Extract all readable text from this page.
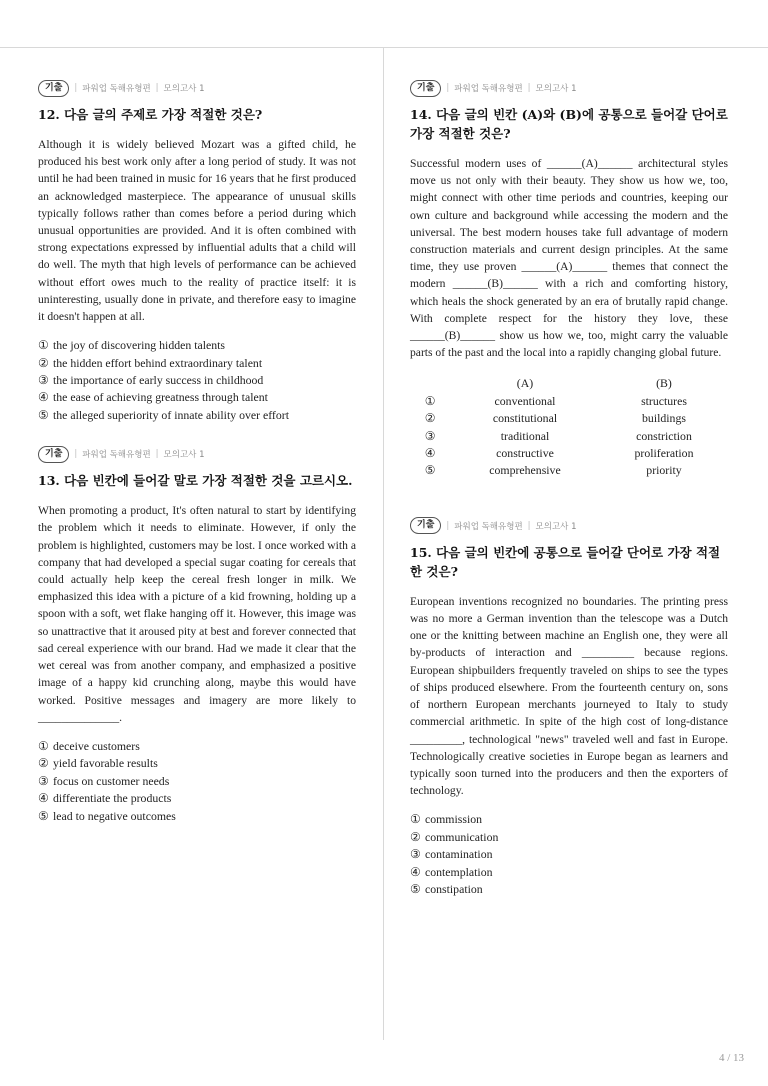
기출	| 파워업 독해유형편 | 모의고사 1
12. 다음 글의 주제로 가장 적절한 것은?

Although it is widely believed Mozart was a gifted child, he produced his best work only after a long period of study. It was not until he had been trained in music for 16 years that he first produced an acknowledged masterpiece. The appearance of unusual skills typically follows rather than comes before a period during which unusual opportunities are provided. And it is often combined with strong expectations expressed by influential adults that a child will do well. The myth that high levels of performance can be achieved without effort owes much to the reality of practice itself: it is uninteresting, usually done in private, and therefore easy to imagine it doesn't happen at all.

① the joy of discovering hidden talents
② the hidden effort behind extraordinary talent
③ the importance of early success in childhood
④ the ease of achieving greatness through talent
⑤ the alleged superiority of innate ability over effort
기출	| 파워업 독해유형편 | 모의고사 1
13. 다음 빈칸에 들어갈 말로 가장 적절한 것을 고르시오.

When promoting a product, It's often natural to start by identifying the problem which it needs to eliminate. However, if only the problem is highlighted, customers may be lost. I once worked with a company that had developed a special sugar coating for cereals that could actually help keep the cereal fresh longer in milk. We emphasized this idea with a picture of a kid frowning, holding up a spoon with a soft, wet flake hanging off it. However, this image was so unattractive that it aroused pity at best and forever connected that sad cereal experience with our brand. Had we made it clear that the wet cereal was from another company, and emphasized a positive image of a happy kid crunching along, maybe this would have worked. Positive messages and imagery are more likely to ______________.

① deceive customers
② yield favorable results
③ focus on customer needs
④ differentiate the products
⑤ lead to negative outcomes
기출	| 파워업 독해유형편 | 모의고사 1
14. 다음 글의 빈칸 (A)와 (B)에 공통으로 들어갈 단어로 가장 적절한 것은?

Successful modern uses of ______(A)______ architectural styles move us not only with their beauty. They show us how we, too, might connect with other time periods and countries, keeping our own culture and background while accessing the modern and the universal. The best modern houses take full advantage of modern construction materials and current design principles. At the same time, they use proven ______(A)______ themes that connect the modern ______(B)______ with a rich and comforting history, which heals the shock generated by an era of brutally rapid change. With complete respect for the history they love, these ______(B)______ show us how we, too, might carry the valuable parts of the past and the local into a rapidly changing global future.

	(A)	(B)
①	conventional	structures
②	constitutional	buildings
③	traditional	constriction
④	constructive	proliferation
⑤	comprehensive	priority
기출	| 파워업 독해유형편 | 모의고사 1
15. 다음 글의 빈칸에 공통으로 들어갈 단어로 가장 적절한 것은?

European inventions recognized no boundaries. The printing press was no more a German invention than the telescope was a Dutch one or the knitting between machine an English one, they were all by-products of interaction and _________ because regions. European shipbuilders frequently traveled on ships to see the types of ships produced elsewhere. From the fourteenth century on, sons of northern European merchants journeyed to Italy to study commercial arithmetic. In spite of the high cost of long-distance _________, technological "news" traveled well and fast in Europe. Technologically creative societies in Europe began as learners and typically soon turned into the producers and then the exporters of technology.

① commission
② communication
③ contamination
④ contemplation
⑤ constipation
4 / 13
